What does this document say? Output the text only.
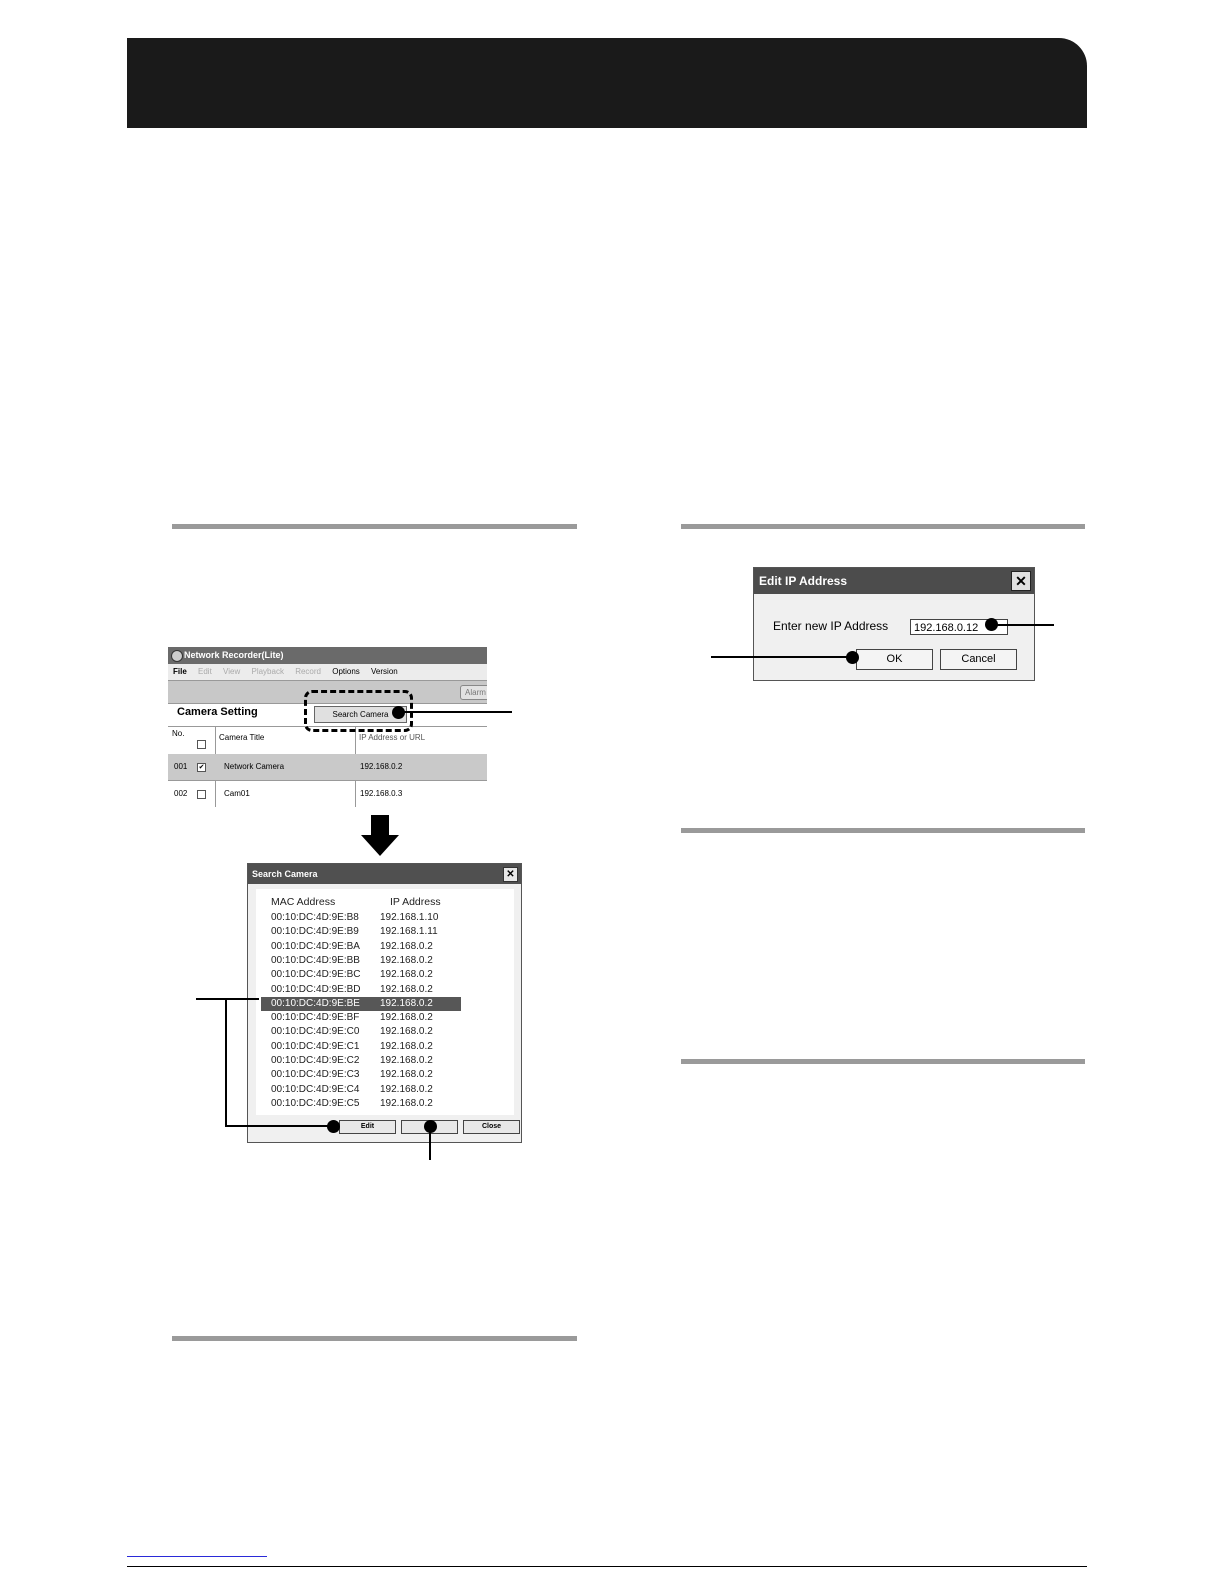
Network Recorder(Lite)
File Edit View Playback Record Options Version
Alarm
Camera Setting	Search Camera
No.	Camera Title	IP Address or URL
001 ✔ Network Camera	192.168.0.2
002	Cam01	192.168.0.3
Search Camera	✕
MAC Address	IP Address
00:10:DC:4D:9E:B8 192.168.1.10
00:10:DC:4D:9E:B9 192.168.1.11
00:10:DC:4D:9E:BA 192.168.0.2
00:10:DC:4D:9E:BB 192.168.0.2
00:10:DC:4D:9E:BC 192.168.0.2
00:10:DC:4D:9E:BD 192.168.0.2
00:10:DC:4D:9E:BE 192.168.0.2
00:10:DC:4D:9E:BF 192.168.0.2
00:10:DC:4D:9E:C0 192.168.0.2
00:10:DC:4D:9E:C1 192.168.0.2
00:10:DC:4D:9E:C2 192.168.0.2
00:10:DC:4D:9E:C3 192.168.0.2
00:10:DC:4D:9E:C4 192.168.0.2
00:10:DC:4D:9E:C5 192.168.0.2
Edit	Close
Edit IP Address	✕
Enter new IP Address	192.168.0.12
OK	Cancel
